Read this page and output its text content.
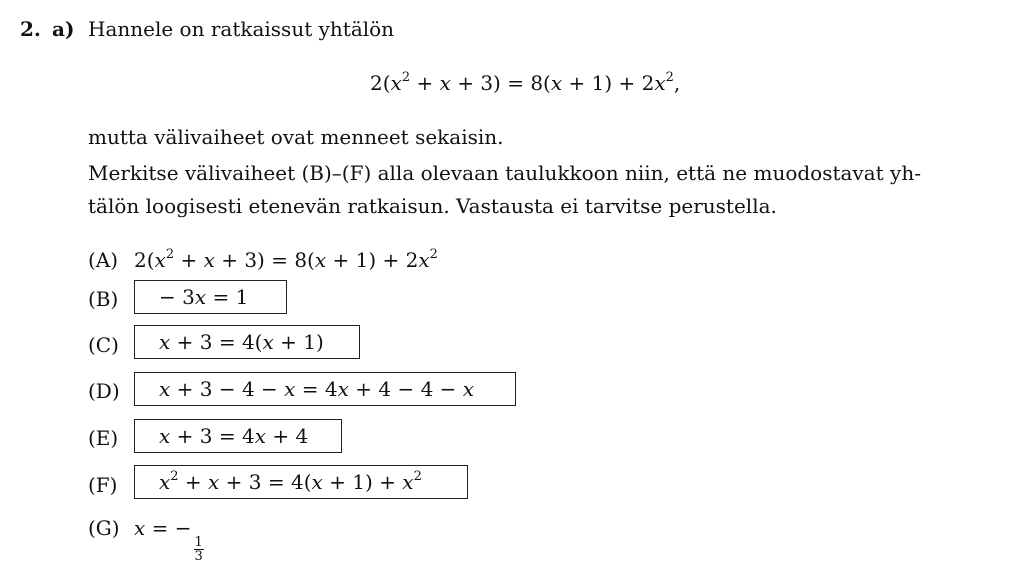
2. a) Hannele on ratkaissut yhtälön
$2(x^2 + x + 3) = 8(x + 1) + 2x^2$,
mutta välivaiheet ovat menneet sekaisin.
Merkitse välivaiheet (B)–(F) alla olevaan taulukkoon niin, että ne muodostavat yh-
tälön loogisesti etenevän ratkaisun. Vastausta ei tarvitse perustella.
(A) $2(x^2 + x + 3) = 8(x + 1) + 2x^2$
(B) − 3x = 1
(C) x + 3 = 4(x + 1)
(D) x + 3 − 4 − x = 4x + 4 − 4 − x
(E) x + 3 = 4x + 4
(F) $x^2 + x + 3 = 4(x + 1) + x^2$
(G) x = −
$\frac{1}{3}$
